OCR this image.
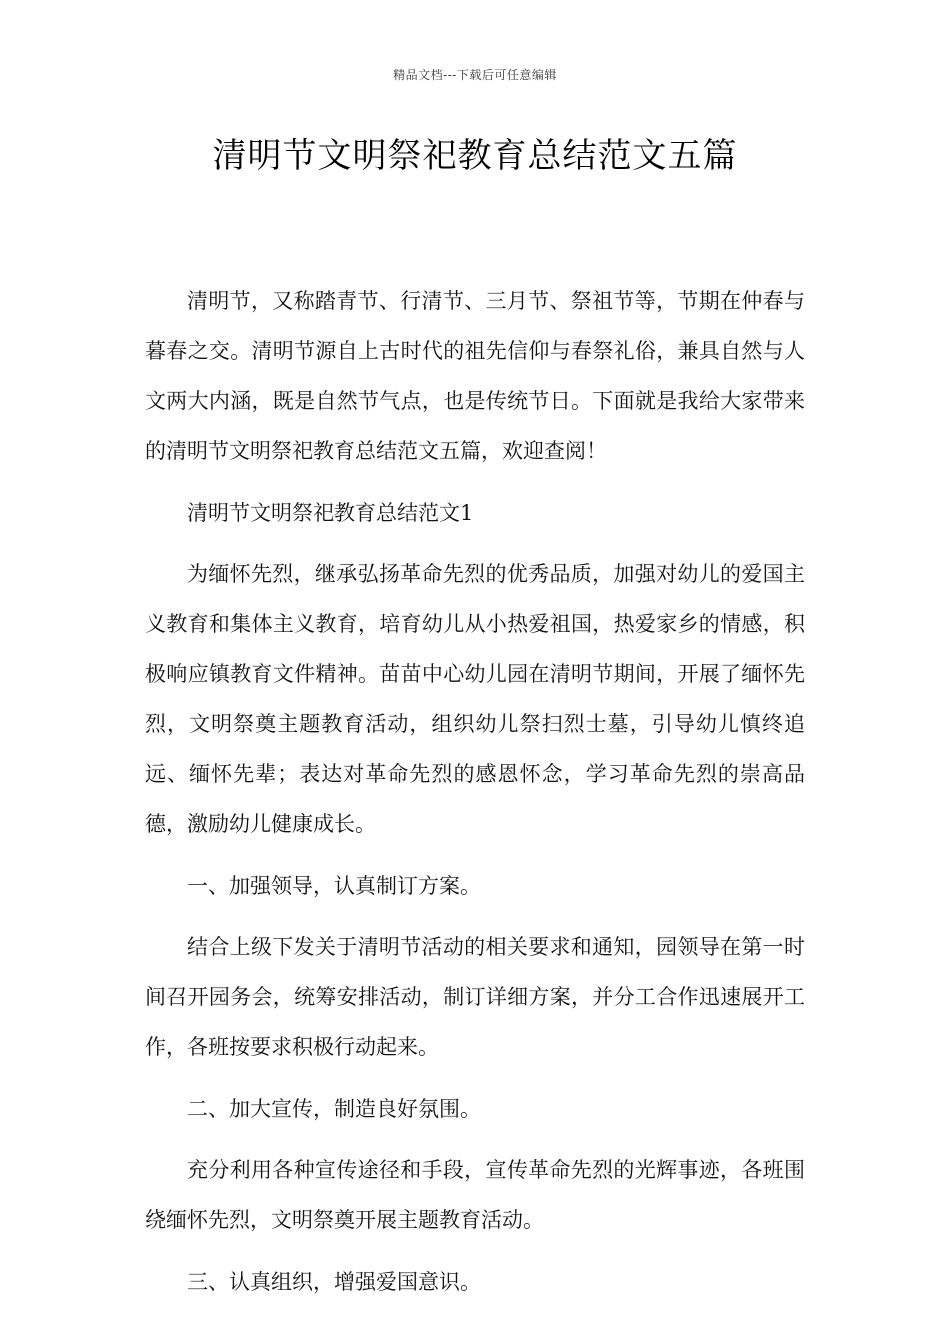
精品文档---下载后可任意编辑
清明节文明祭祀教育总结范文五篇

清明节，又称踏青节、行清节、三月节、祭祖节等，节期在仲春与暮春之交。清明节源自上古时代的祖先信仰与春祭礼俗，兼具自然与人文两大内涵，既是自然节气点，也是传统节日。下面就是我给大家带来的清明节文明祭祀教育总结范文五篇，欢迎查阅！

清明节文明祭祀教育总结范文1

为缅怀先烈，继承弘扬革命先烈的优秀品质，加强对幼儿的爱国主义教育和集体主义教育，培育幼儿从小热爱祖国，热爱家乡的情感，积极响应镇教育文件精神。苗苗中心幼儿园在清明节期间，开展了缅怀先烈，文明祭奠主题教育活动，组织幼儿祭扫烈士墓，引导幼儿慎终追远、缅怀先辈；表达对革命先烈的感恩怀念，学习革命先烈的崇高品德，激励幼儿健康成长。

一、加强领导，认真制订方案。

结合上级下发关于清明节活动的相关要求和通知，园领导在第一时间召开园务会，统筹安排活动，制订详细方案，并分工合作迅速展开工作，各班按要求积极行动起来。

二、加大宣传，制造良好氛围。

充分利用各种宣传途径和手段，宣传革命先烈的光辉事迹，各班围绕缅怀先烈，文明祭奠开展主题教育活动。

三、认真组织，增强爱国意识。
